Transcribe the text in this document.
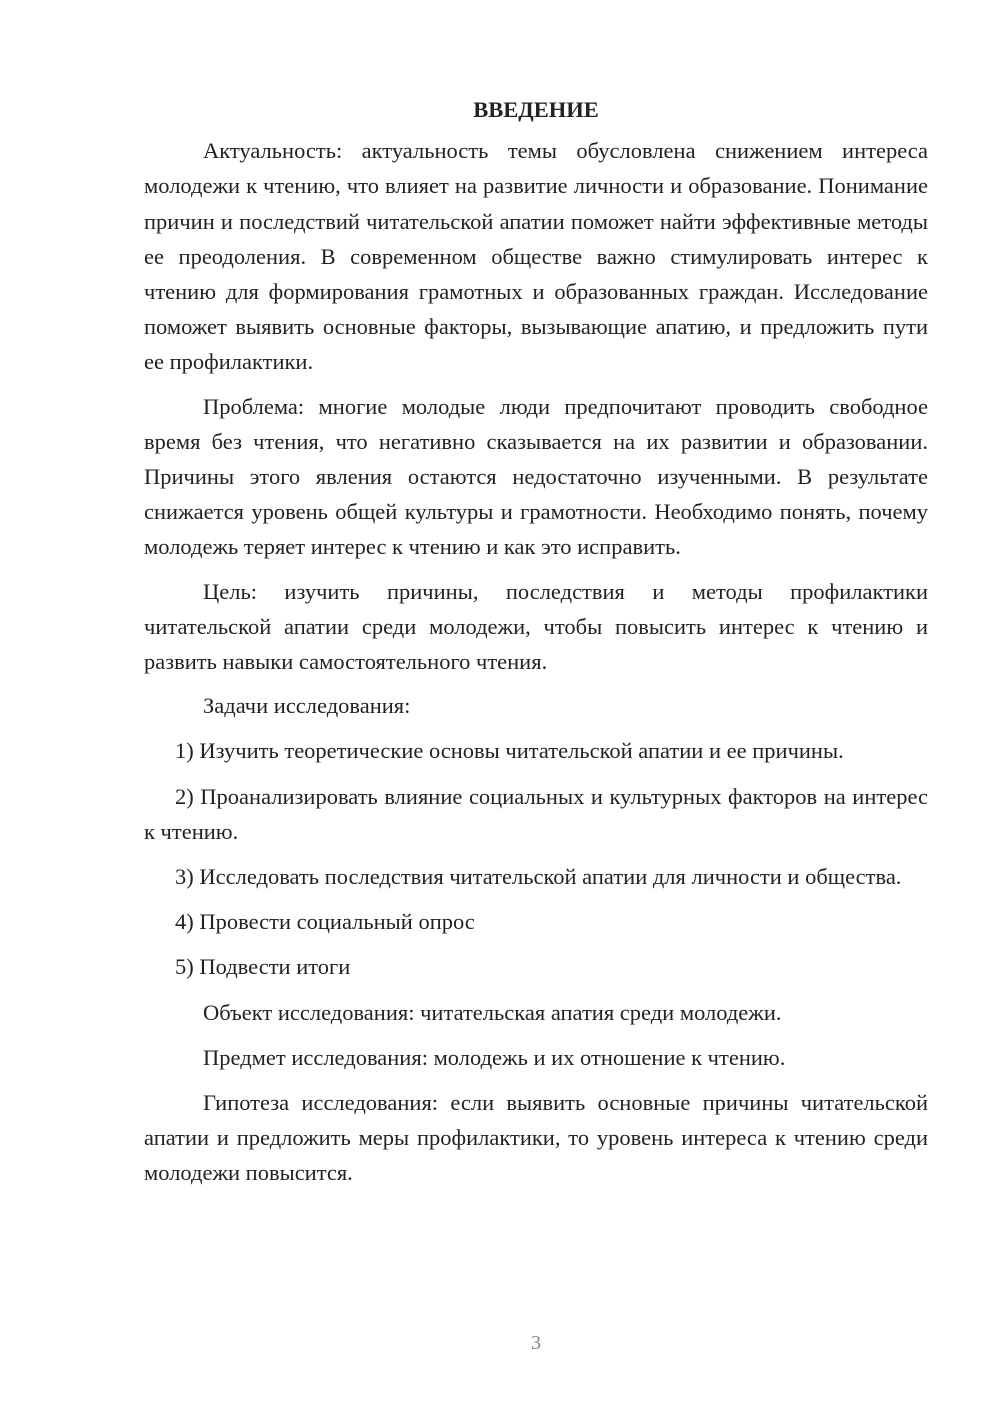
ВВЕДЕНИЕ

Актуальность: актуальность темы обусловлена снижением интереса молодежи к чтению, что влияет на развитие личности и образование. Понимание причин и последствий читательской апатии поможет найти эффективные методы ее преодоления. В современном обществе важно стимулировать интерес к чтению для формирования грамотных и образованных граждан. Исследование поможет выявить основные факторы, вызывающие апатию, и предложить пути ее профилактики.

Проблема: многие молодые люди предпочитают проводить свободное время без чтения, что негативно сказывается на их развитии и образовании. Причины этого явления остаются недостаточно изученными. В результате снижается уровень общей культуры и грамотности. Необходимо понять, почему молодежь теряет интерес к чтению и как это исправить.

Цель: изучить причины, последствия и методы профилактики читательской апатии среди молодежи, чтобы повысить интерес к чтению и развить навыки самостоятельного чтения.

Задачи исследования:

1) Изучить теоретические основы читательской апатии и ее причины.

2) Проанализировать влияние социальных и культурных факторов на интерес к чтению.

3) Исследовать последствия читательской апатии для личности и общества.

4) Провести социальный опрос

5) Подвести итоги

Объект исследования: читательская апатия среди молодежи.

Предмет исследования: молодежь и их отношение к чтению.

Гипотеза исследования: если выявить основные причины читательской апатии и предложить меры профилактики, то уровень интереса к чтению среди молодежи повысится.

3
